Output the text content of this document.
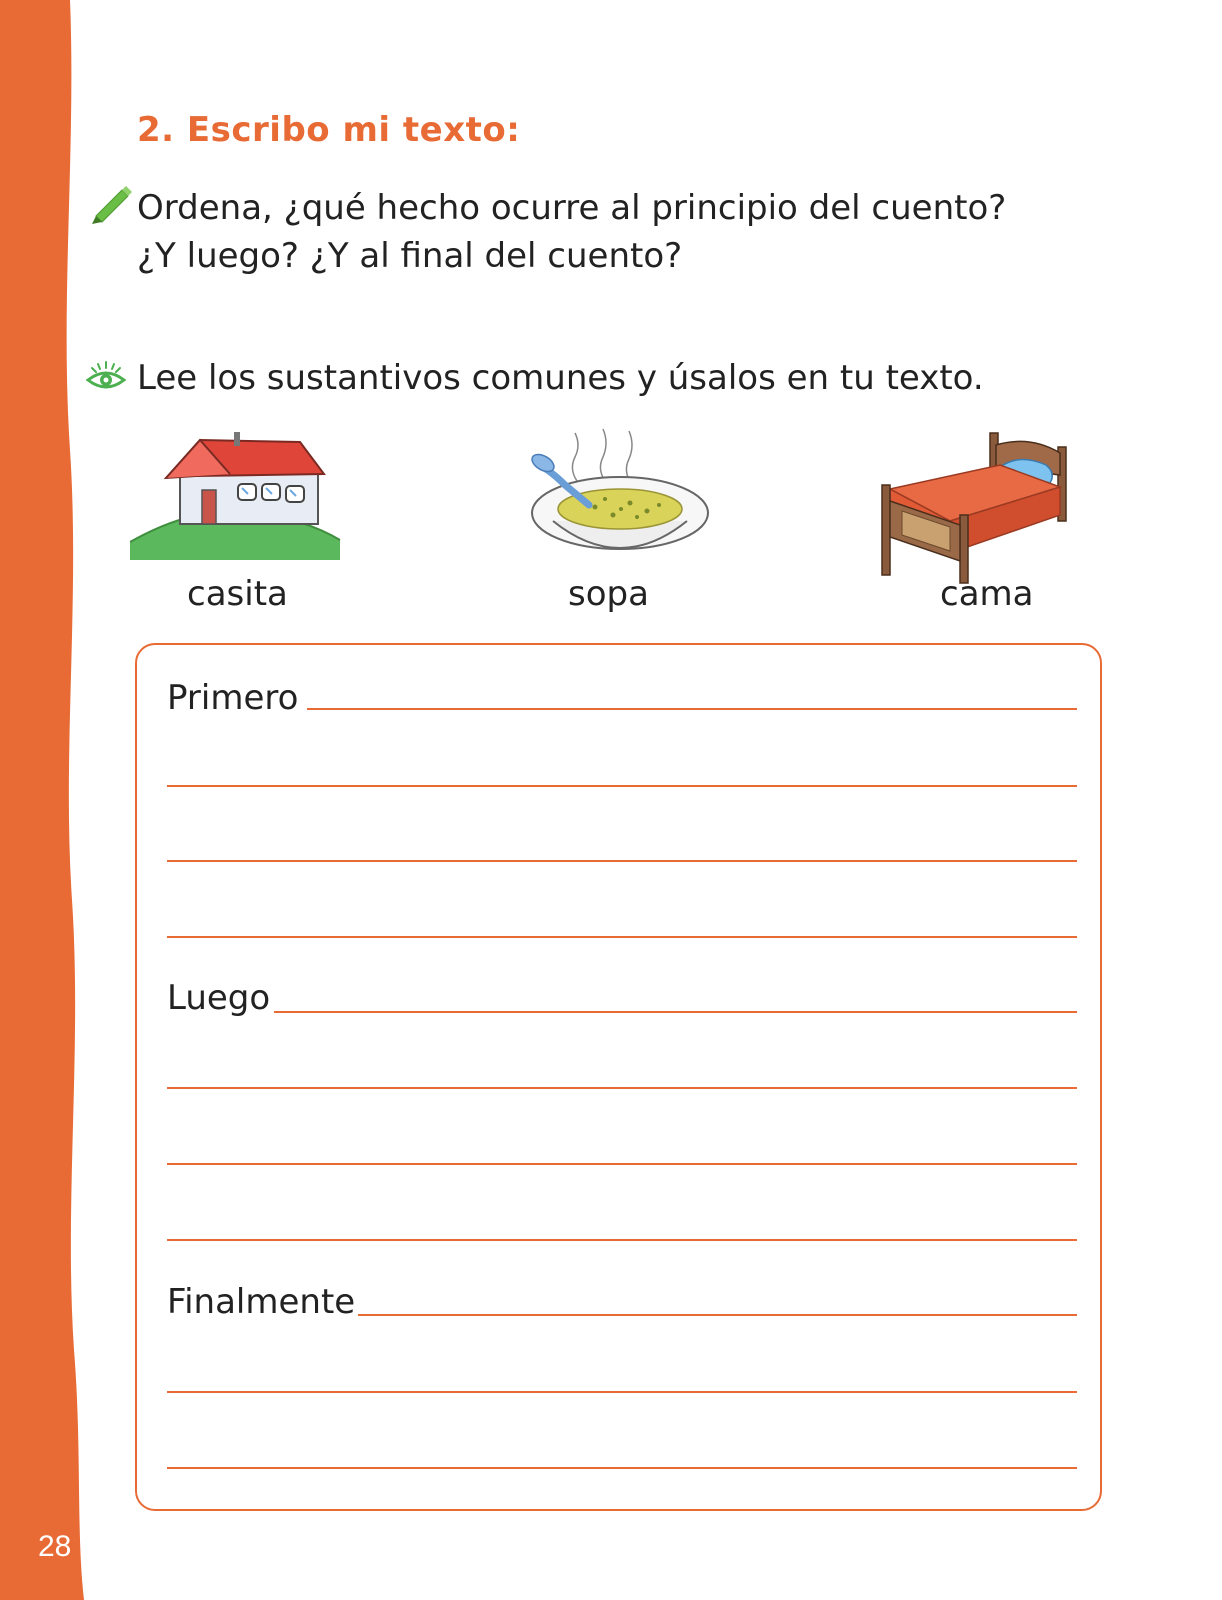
28
2. Escribo mi texto:
Ordena, ¿qué hecho ocurre al principio del cuento?
¿Y luego? ¿Y al final del cuento?
Lee los sustantivos comunes y úsalos en tu texto.
casita	sopa	cama
Primero
Luego
Finalmente
